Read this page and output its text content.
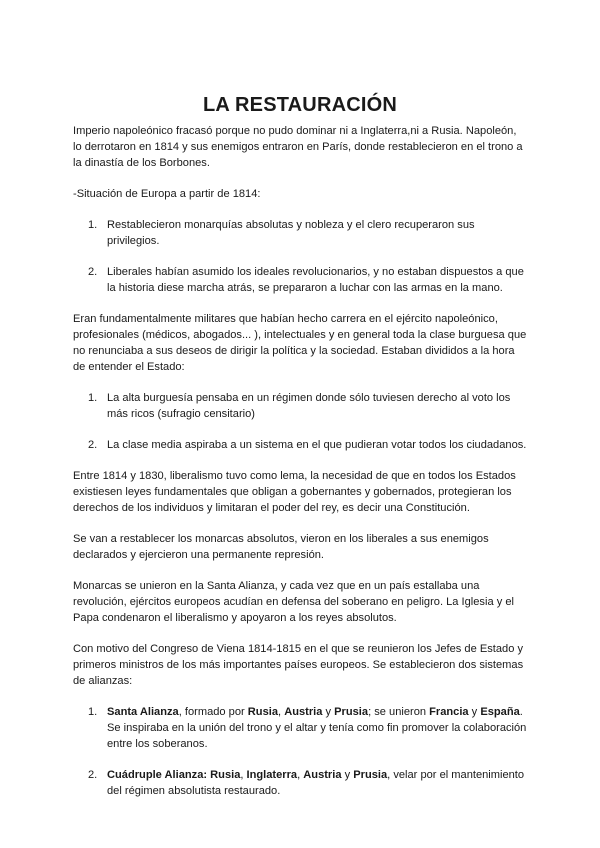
LA RESTAURACIÓN

Imperio napoleónico fracasó porque no pudo dominar ni a Inglaterra,ni a Rusia. Napoleón, lo derrotaron en 1814 y sus enemigos entraron en París, donde restablecieron en el trono a la dinastía de los Borbones.

-Situación de Europa a partir de 1814:

1. Restablecieron monarquías absolutas y nobleza y el clero recuperaron sus privilegios.
2. Liberales habían asumido los ideales revolucionarios, y no estaban dispuestos a que la historia diese marcha atrás, se prepararon a luchar con las armas en la mano.

Eran fundamentalmente militares que habían hecho carrera en el ejército napoleónico, profesionales (médicos, abogados... ), intelectuales y en general toda la clase burguesa que no renunciaba a sus deseos de dirigir la política y la sociedad. Estaban divididos a la hora de entender el Estado:

1. La alta burguesía pensaba en un régimen donde sólo tuviesen derecho al voto los más ricos (sufragio censitario)
2. La clase media aspiraba a un sistema en el que pudieran votar todos los ciudadanos.

Entre 1814 y 1830, liberalismo tuvo como lema, la necesidad de que en todos los Estados existiesen leyes fundamentales que obligan a gobernantes y gobernados, protegieran los derechos de los individuos y limitaran el poder del rey, es decir una Constitución.

Se van a restablecer los monarcas absolutos, vieron en los liberales a sus enemigos declarados y ejercieron una permanente represión.

Monarcas se unieron en la Santa Alianza, y cada vez que en un país estallaba una revolución, ejércitos europeos acudían en defensa del soberano en peligro. La Iglesia y el Papa condenaron el liberalismo y apoyaron a los reyes absolutos.

Con motivo del Congreso de Viena 1814-1815 en el que se reunieron los Jefes de Estado y primeros ministros de los más importantes países europeos. Se establecieron dos sistemas de alianzas:

1. Santa Alianza, formado por Rusia, Austria y Prusia; se unieron Francia y España. Se inspiraba en la unión del trono y el altar y tenía como fin promover la colaboración entre los soberanos.
2. Cuádruple Alianza: Rusia, Inglaterra, Austria y Prusia, velar por el mantenimiento del régimen absolutista restaurado.
